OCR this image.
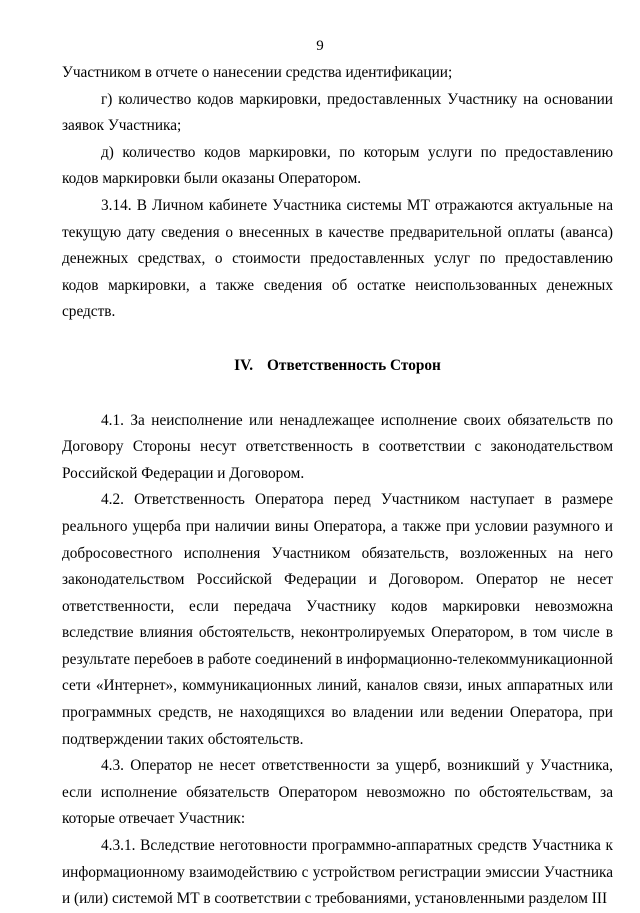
9

Участником в отчете о нанесении средства идентификации;

г) количество кодов маркировки, предоставленных Участнику на основании заявок Участника;

д) количество кодов маркировки, по которым услуги по предоставлению кодов маркировки были оказаны Оператором.

3.14. В Личном кабинете Участника системы МТ отражаются актуальные на текущую дату сведения о внесенных в качестве предварительной оплаты (аванса) денежных средствах, о стоимости предоставленных услуг по предоставлению кодов маркировки, а также сведения об остатке неиспользованных денежных средств.

IV. Ответственность Сторон

4.1. За неисполнение или ненадлежащее исполнение своих обязательств по Договору Стороны несут ответственность в соответствии с законодательством Российской Федерации и Договором.

4.2. Ответственность Оператора перед Участником наступает в размере реального ущерба при наличии вины Оператора, а также при условии разумного и добросовестного исполнения Участником обязательств, возложенных на него законодательством Российской Федерации и Договором. Оператор не несет ответственности, если передача Участнику кодов маркировки невозможна вследствие влияния обстоятельств, неконтролируемых Оператором, в том числе в результате перебоев в работе соединений в информационно-телекоммуникационной сети «Интернет», коммуникационных линий, каналов связи, иных аппаратных или программных средств, не находящихся во владении или ведении Оператора, при подтверждении таких обстоятельств.

4.3. Оператор не несет ответственности за ущерб, возникший у Участника, если исполнение обязательств Оператором невозможно по обстоятельствам, за которые отвечает Участник:

4.3.1. Вследствие неготовности программно-аппаратных средств Участника к информационному взаимодействию с устройством регистрации эмиссии Участника и (или) системой МТ в соответствии с требованиями, установленными разделом III
